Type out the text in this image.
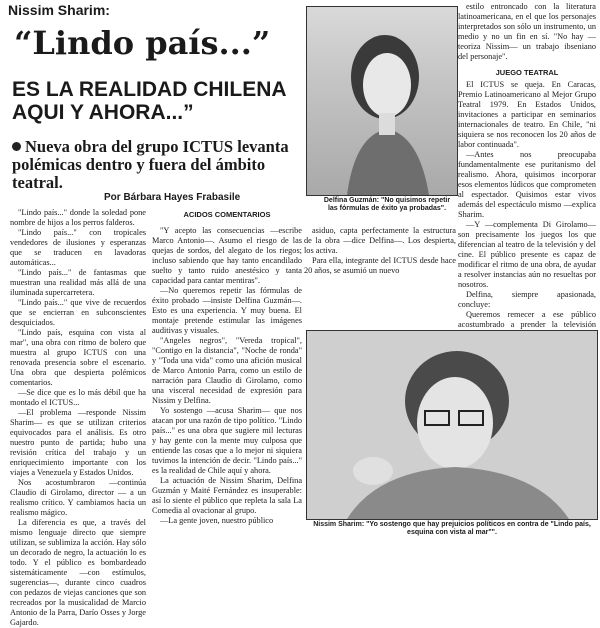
Nissim Sharim:
“Lindo país...”
ES LA REALIDAD CHILENA AQUI Y AHORA...”
Nueva obra del grupo ICTUS levanta polémicas dentro y fuera del ámbito teatral.
Por Bárbara Hayes Frabasile

"Lindo país..." donde la soledad pone nombre de hijos a los perros falderos.

"Lindo país..." con tropicales vendedores de ilusiones y esperanzas que se traducen en lavadoras automáticas...

"Lindo país..." de fantasmas que muestran una realidad más allá de una iluminada supercarretera.

"Lindo país..." que vive de recuerdos que se encierran en subconscientes desquiciados.

"Lindo país, esquina con vista al mar", una obra con ritmo de bolero que muestra al grupo ICTUS con una renovada presencia sobre el escenario. Una obra que despierta polémicos comentarios.

—Se dice que es lo más débil que ha montado el ICTUS...

—El problema —responde Nissim Sharim— es que se utilizan criterios equivocados para el análisis. Es otro nuestro punto de partida; hubo una revisión crítica del trabajo y un enriquecimiento importante con los viajes a Venezuela y Estados Unidos.

Nos acostumbraron —continúa Claudio di Girolamo, director — a un realismo crítico. Y cambiamos hacia un realismo mágico.

La diferencia es que, a través del mismo lenguaje directo que siempre utilizan, se sublimiza la acción. Hay sólo un decorado de negro, la actuación lo es todo. Y el público es bombardeado sistemáticamente —con estímulos, sugerencias—, durante cinco cuadros con pedazos de viejas canciones que son recreados por la musicalidad de Marcio Antonio de la Parra, Darío Osses y Jorge Gajardo.

ACIDOS COMENTARIOS

"Y acepto las consecuencias —escribe Marco Antonio—. Asumo el riesgo de las quejas de sordos, del alegato de los riegos; incluso sabiendo que hay tanto encandilado suelto y tanto ruido anestésico y tanta capacidad para cantar mentiras".

—No queremos repetir las fórmulas de éxito probado —insiste Delfina Guzmán—. Esto es una experiencia. Y muy buena. El montaje pretende estimular las imágenes auditivas y visuales.

"Angeles negros", "Vereda tropical", "Contigo en la distancia", "Noche de ronda" y "Toda una vida" como una afición musical de Marco Antonio Parra, como un estilo de narración para Claudio di Girolamo, como una visceral necesidad de expresión para Nissim y Delfina.

Yo sostengo —acusa Sharim— que nos atacan por una razón de tipo político. "Lindo país..." es una obra que sugiere mil lecturas y hay gente con la mente muy culposa que entiende las cosas que a lo mejor ni siquiera tuvimos la intención de decir. "Lindo país..." es la realidad de Chile aquí y ahora.

La actuación de Nissim Sharim, Delfina Guzmán y Maité Fernández es insuperable: así lo siente el público que repleta la sala La Comedia al ovacionar al grupo.

—La gente joven, nuestro público

Delfina Guzmán: "No quisimos repetir las fórmulas de éxito ya probadas".

asiduo, capta perfectamente la estructura de la obra —dice Delfina—. Los despierta, los activa.

Para ella, integrante del ICTUS desde hace 20 años, se asumió un nuevo

estilo entroncado con la literatura latinoamericana, en el que los personajes interpretados son sólo un instrumento, un medio y no un fin en sí. "No hay —teoriza Nissim— un trabajo ibseniano del personaje".

JUEGO TEATRAL

El ICTUS se queja. En Caracas, Premio Latinoamericano al Mejor Grupo Teatral 1979. En Estados Unidos, invitaciones a participar en seminarios internacionales de teatro. En Chile, "ni siquiera se nos reconocen los 20 años de labor continuada".

—Antes nos preocupaba fundamentalmente ese puritanismo del realismo. Ahora, quisimos incorporar esos elementos lúdicos que comprometen al espectador. Quisimos estar vivos además del espectáculo mismo —explica Sharim.

—Y —complementa Di Girolamo— son precisamente los juegos los que diferencian al teatro de la televisión y del cine. El público presente es capaz de modificar el ritmo de una obra, de ayudar a resolver instancias aún no resueltas por nosotros.

Delfina, siempre apasionada, concluye:

Queremos remecer a ese público acostumbrado a prender la televisión

Nissim Sharim: "Yo sostengo que hay prejuicios políticos en contra de "Lindo país, esquina con vista al mar"".
